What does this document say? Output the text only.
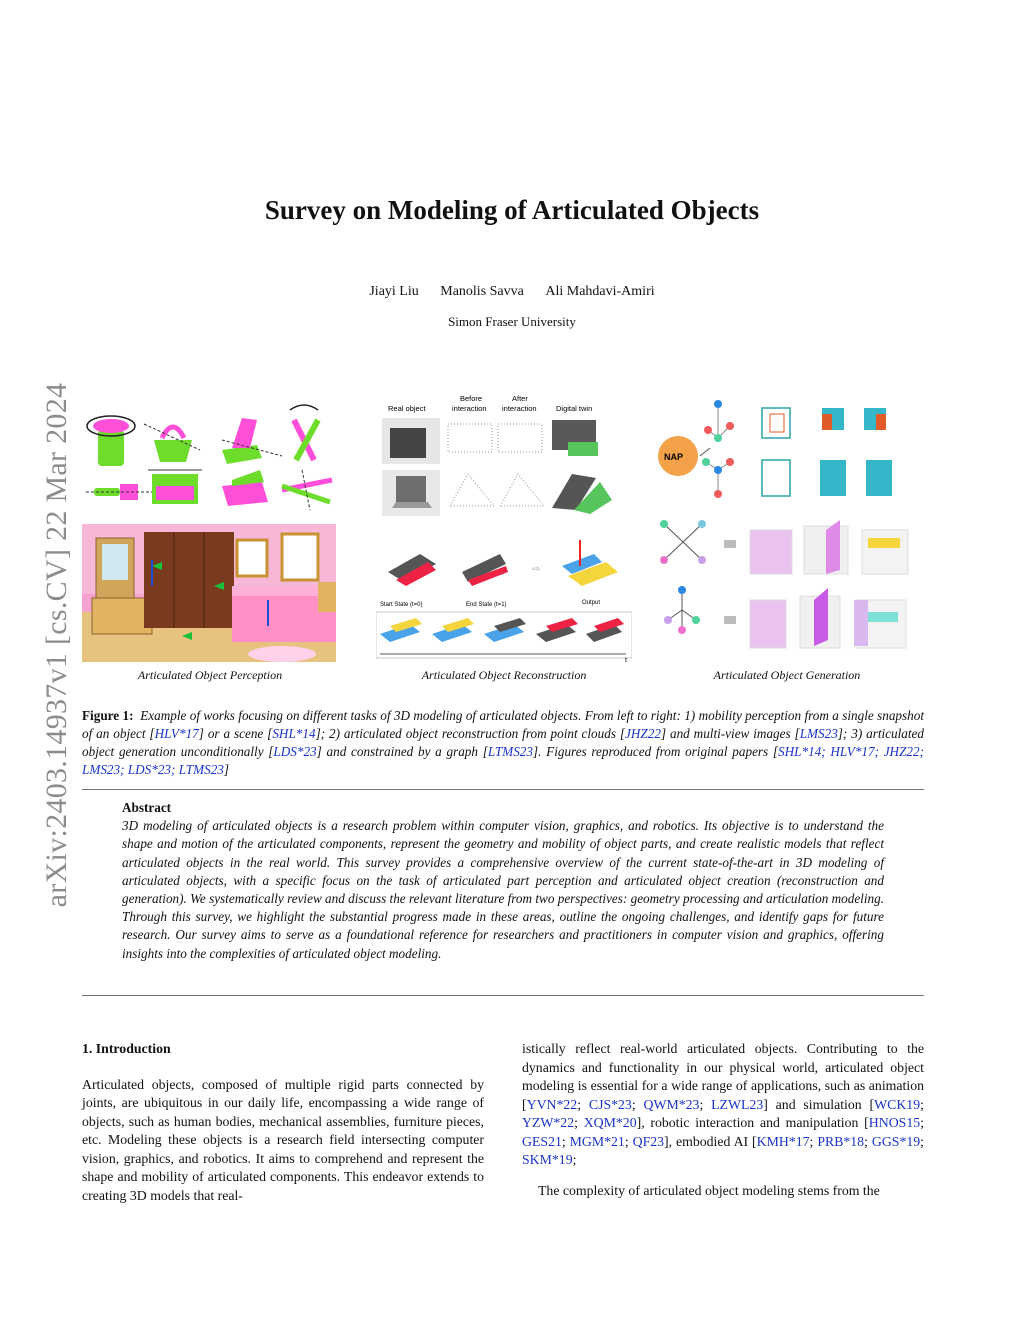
arXiv:2403.14937v1 [cs.CV] 22 Mar 2024
Survey on Modeling of Articulated Objects
Jiayi Liu Manolis Savva Ali Mahdavi-Amiri
Simon Fraser University
Real object
Before
interaction
After
interaction	Digital twin
⇨
Start State (t=0)	End State (t=1)	Output
t
NAP
Articulated Object Perception	Articulated Object Reconstruction	Articulated Object Generation
Figure 1: Example of works focusing on different tasks of 3D modeling of articulated objects. From left to right: 1) mobility perception from a single snapshot of an object [HLV*17] or a scene [SHL*14]; 2) articulated object reconstruction from point clouds [JHZ22] and multi-view images [LMS23]; 3) articulated object generation unconditionally [LDS*23] and constrained by a graph [LTMS23]. Figures reproduced from original papers [SHL*14; HLV*17; JHZ22; LMS23; LDS*23; LTMS23]
Abstract
3D modeling of articulated objects is a research problem within computer vision, graphics, and robotics. Its objective is to understand the shape and motion of the articulated components, represent the geometry and mobility of object parts, and create realistic models that reflect articulated objects in the real world. This survey provides a comprehensive overview of the current state-of-the-art in 3D modeling of articulated objects, with a specific focus on the task of articulated part perception and articulated object creation (reconstruction and generation). We systematically review and discuss the relevant literature from two perspectives: geometry processing and articulation modeling. Through this survey, we highlight the substantial progress made in these areas, outline the ongoing challenges, and identify gaps for future research. Our survey aims to serve as a foundational reference for researchers and practitioners in computer vision and graphics, offering insights into the complexities of articulated object modeling.
1. Introduction

Articulated objects, composed of multiple rigid parts connected by joints, are ubiquitous in our daily life, encompassing a wide range of objects, such as human bodies, mechanical assemblies, furniture pieces, etc. Modeling these objects is a research field intersecting computer vision, graphics, and robotics. It aims to comprehend and represent the shape and mobility of articulated components. This endeavor extends to creating 3D models that real-

istically reflect real-world articulated objects. Contributing to the dynamics and functionality in our physical world, articulated object modeling is essential for a wide range of applications, such as animation [YVN*22; CJS*23; QWM*23; LZWL23] and simulation [WCK19; YZW*22; XQM*20], robotic interaction and manipulation [HNOS15; GES21; MGM*21; QF23], embodied AI [KMH*17; PRB*18; GGS*19; SKM*19;

The complexity of articulated object modeling stems from the
